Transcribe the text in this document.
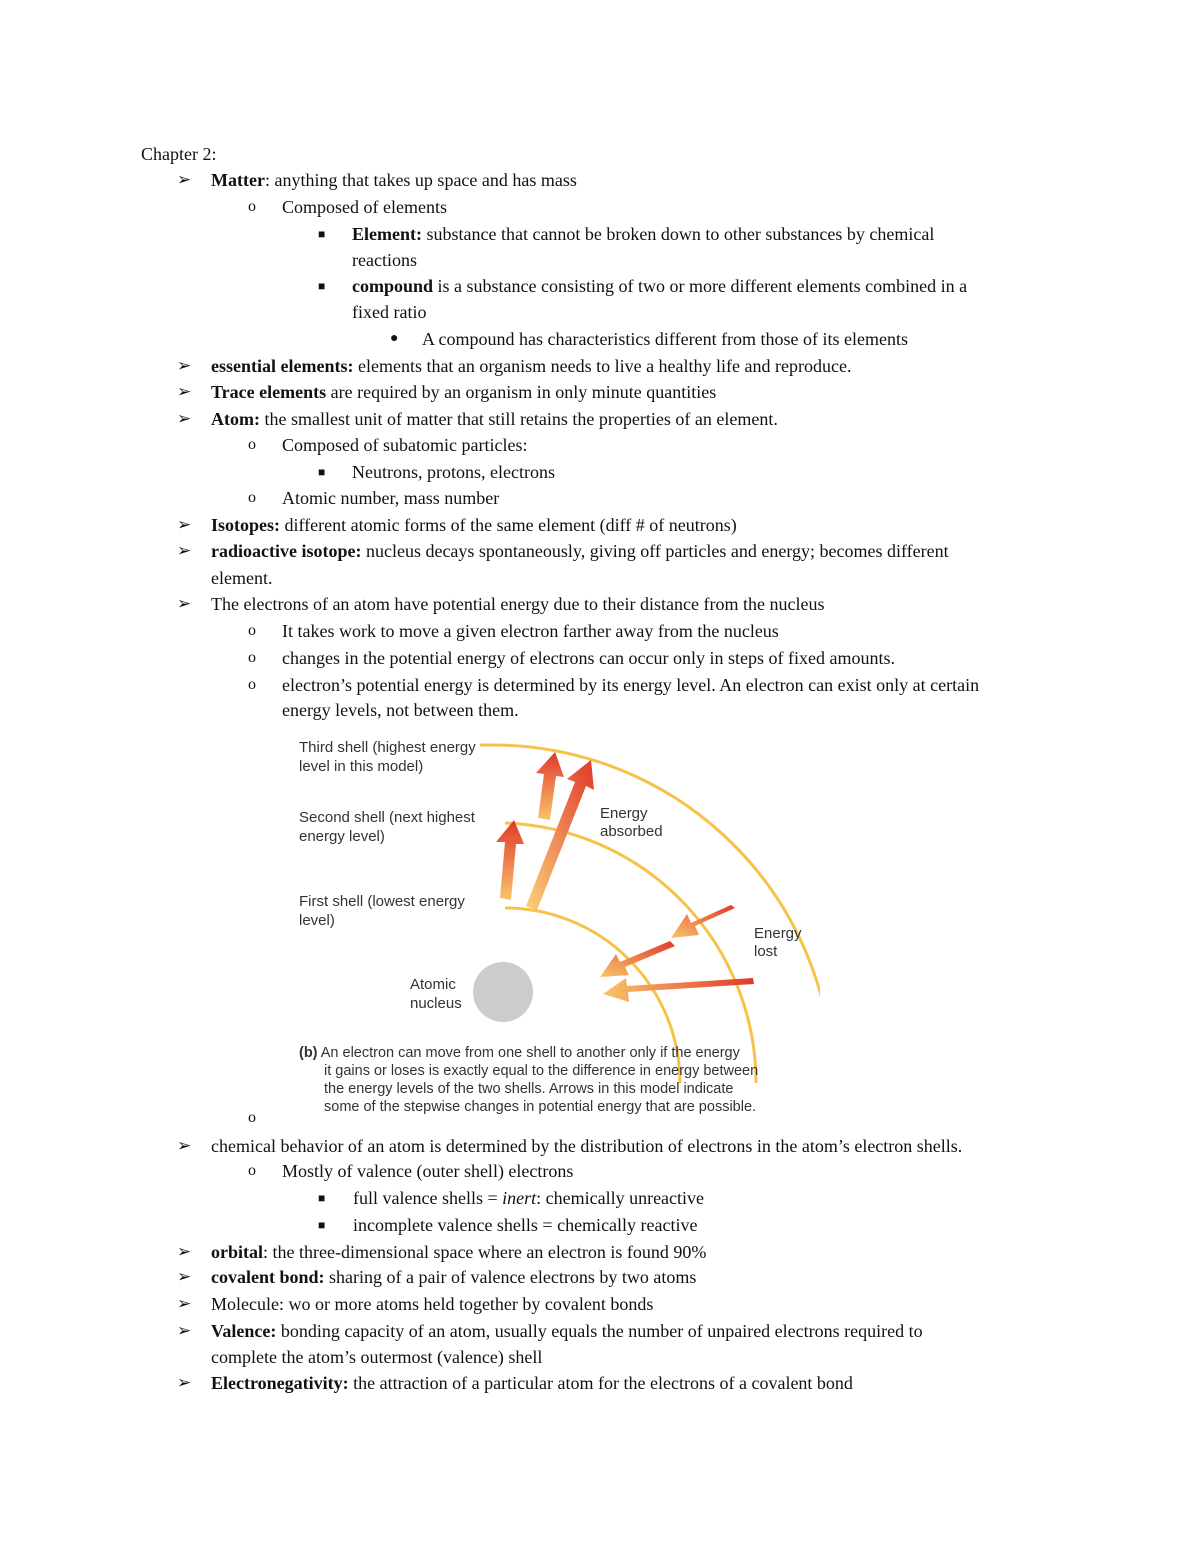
Chapter 2:
➢ Matter: anything that takes up space and has mass
o Composed of elements
■ Element: substance that cannot be broken down to other substances by chemical
reactions
■ compound is a substance consisting of two or more different elements combined in a
fixed ratio
● A compound has characteristics different from those of its elements
➢ essential elements: elements that an organism needs to live a healthy life and reproduce.
➢ Trace elements are required by an organism in only minute quantities
➢ Atom: the smallest unit of matter that still retains the properties of an element.
o Composed of subatomic particles:
■ Neutrons, protons, electrons
o Atomic number, mass number
➢ Isotopes: different atomic forms of the same element (diff # of neutrons)
➢ radioactive isotope: nucleus decays spontaneously, giving off particles and energy; becomes different
element.
➢ The electrons of an atom have potential energy due to their distance from the nucleus
o It takes work to move a given electron farther away from the nucleus
o changes in the potential energy of electrons can occur only in steps of fixed amounts.
o electron’s potential energy is determined by its energy level. An electron can exist only at certain
energy levels, not between them.
Third shell (highest energy
level in this model)
Second shell (next highest
energy level)
First shell (lowest energy
level)
Atomic
nucleus
Energy
absorbed
Energy
lost
(b) An electron can move from one shell to another only if the energy
it gains or loses is exactly equal to the difference in energy between
the energy levels of the two shells. Arrows in this model indicate
some of the stepwise changes in potential energy that are possible.
o
➢ chemical behavior of an atom is determined by the distribution of electrons in the atom’s electron shells.
o Mostly of valence (outer shell) electrons
■ full valence shells = inert: chemically unreactive
■ incomplete valence shells = chemically reactive
➢ orbital: the three-dimensional space where an electron is found 90%
➢ covalent bond: sharing of a pair of valence electrons by two atoms
➢ Molecule: wo or more atoms held together by covalent bonds
➢ Valence: bonding capacity of an atom, usually equals the number of unpaired electrons required to
complete the atom’s outermost (valence) shell
➢ Electronegativity: the attraction of a particular atom for the electrons of a covalent bond
